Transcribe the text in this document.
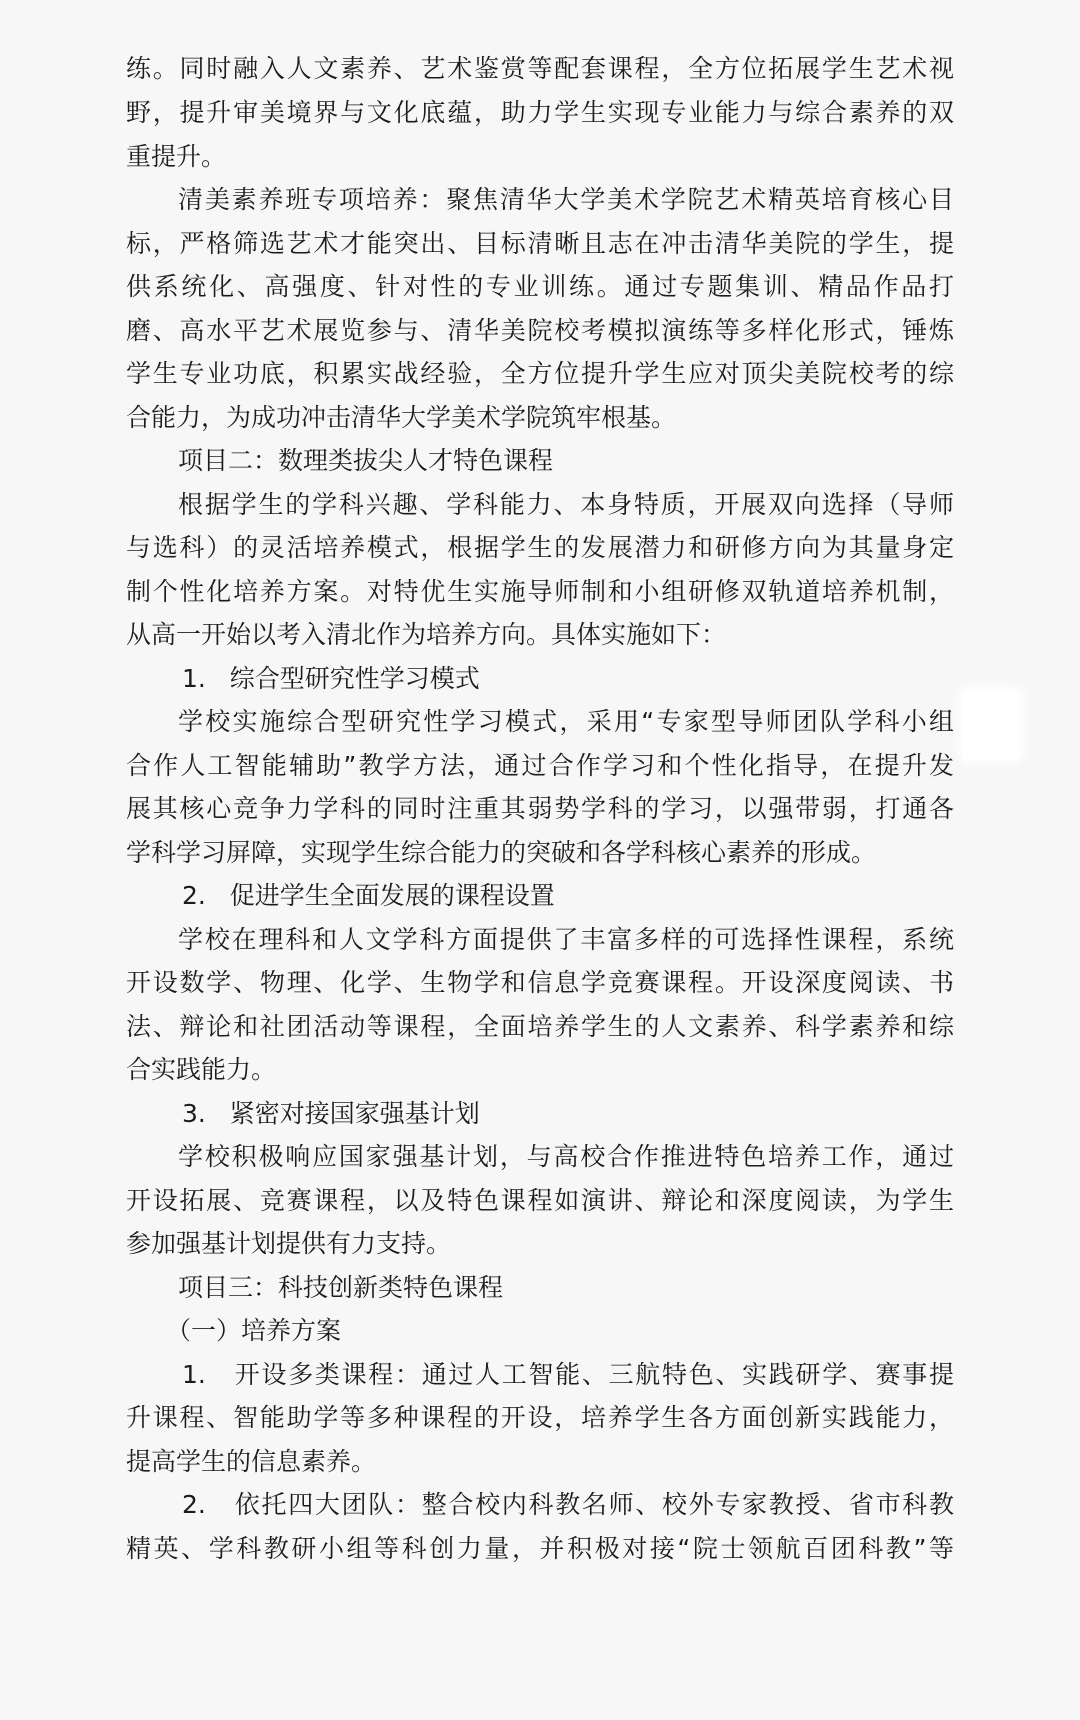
练。同时融入人文素养、艺术鉴赏等配套课程，全方位拓展学生艺术视
野，提升审美境界与文化底蕴，助力学生实现专业能力与综合素养的双
重提升。
清美素养班专项培养：聚焦清华大学美术学院艺术精英培育核心目
标，严格筛选艺术才能突出、目标清晰且志在冲击清华美院的学生，提
供系统化、高强度、针对性的专业训练。通过专题集训、精品作品打
磨、高水平艺术展览参与、清华美院校考模拟演练等多样化形式，锤炼
学生专业功底，积累实战经验，全方位提升学生应对顶尖美院校考的综
合能力，为成功冲击清华大学美术学院筑牢根基。
项目二：数理类拔尖人才特色课程
根据学生的学科兴趣、学科能力、本身特质，开展双向选择（导师
与选科）的灵活培养模式，根据学生的发展潜力和研修方向为其量身定
制个性化培养方案。对特优生实施导师制和小组研修双轨道培养机制，
从高一开始以考入清北作为培养方向。具体实施如下：
1.   综合型研究性学习模式
学校实施综合型研究性学习模式，采用“专家型导师团队学科小组
合作人工智能辅助”教学方法，通过合作学习和个性化指导，在提升发
展其核心竞争力学科的同时注重其弱势学科的学习，以强带弱，打通各
学科学习屏障，实现学生综合能力的突破和各学科核心素养的形成。
2.   促进学生全面发展的课程设置
学校在理科和人文学科方面提供了丰富多样的可选择性课程，系统
开设数学、物理、化学、生物学和信息学竞赛课程。开设深度阅读、书
法、辩论和社团活动等课程，全面培养学生的人文素养、科学素养和综
合实践能力。
3.   紧密对接国家强基计划
学校积极响应国家强基计划，与高校合作推进特色培养工作，通过
开设拓展、竞赛课程，以及特色课程如演讲、辩论和深度阅读，为学生
参加强基计划提供有力支持。
项目三：科技创新类特色课程
（一）培养方案
1.   开设多类课程：通过人工智能、三航特色、实践研学、赛事提
升课程、智能助学等多种课程的开设，培养学生各方面创新实践能力，
提高学生的信息素养。
2.   依托四大团队：整合校内科教名师、校外专家教授、省市科教
精英、学科教研小组等科创力量，并积极对接“院士领航百团科教”等
